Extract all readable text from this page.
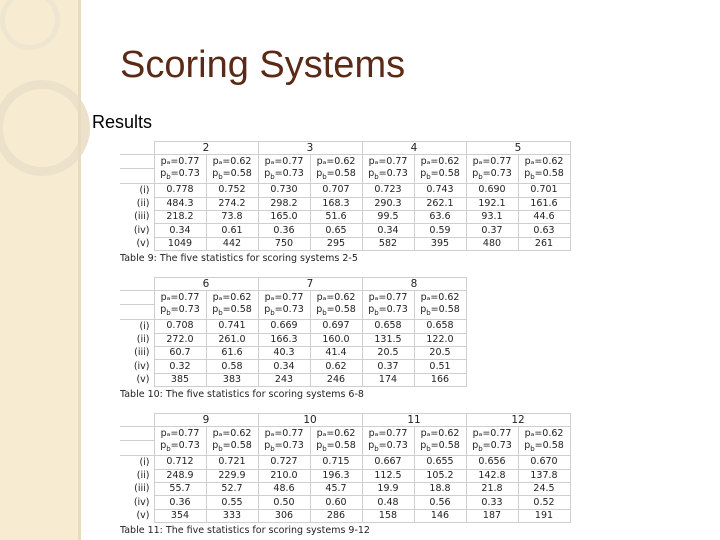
Scoring Systems
Results
	2		3		4		5	
	pₐ=0.77	pₐ=0.62	pₐ=0.77	pₐ=0.62	pₐ=0.77	pₐ=0.62	pₐ=0.77	pₐ=0.62
	$p_b=0.73$	$p_b=0.58$	$p_b=0.73$	$p_b=0.58$	$p_b=0.73$	$p_b=0.58$	$p_b=0.73$	$p_b=0.58$
(i)	0.778	0.752	0.730	0.707	0.723	0.743	0.690	0.701
(ii)	484.3	274.2	298.2	168.3	290.3	262.1	192.1	161.6
(iii)	218.2	73.8	165.0	51.6	99.5	63.6	93.1	44.6
(iv)	0.34	0.61	0.36	0.65	0.34	0.59	0.37	0.63
(v)	1049	442	750	295	582	395	480	261
Table 9: The five statistics for scoring systems 2-5
	6		7		8	
	pₐ=0.77	pₐ=0.62	pₐ=0.77	pₐ=0.62	pₐ=0.77	pₐ=0.62
	$p_b=0.73$	$p_b=0.58$	$p_b=0.73$	$p_b=0.58$	$p_b=0.73$	$p_b=0.58$
(i)	0.708	0.741	0.669	0.697	0.658	0.658
(ii)	272.0	261.0	166.3	160.0	131.5	122.0
(iii)	60.7	61.6	40.3	41.4	20.5	20.5
(iv)	0.32	0.58	0.34	0.62	0.37	0.51
(v)	385	383	243	246	174	166
Table 10: The five statistics for scoring systems 6-8
	9		10		11		12	
	pₐ=0.77	pₐ=0.62	pₐ=0.77	pₐ=0.62	pₐ=0.77	pₐ=0.62	pₐ=0.77	pₐ=0.62
	$p_b=0.73$	$p_b=0.58$	$p_b=0.73$	$p_b=0.58$	$p_b=0.73$	$p_b=0.58$	$p_b=0.73$	$p_b=0.58$
(i)	0.712	0.721	0.727	0.715	0.667	0.655	0.656	0.670
(ii)	248.9	229.9	210.0	196.3	112.5	105.2	142.8	137.8
(iii)	55.7	52.7	48.6	45.7	19.9	18.8	21.8	24.5
(iv)	0.36	0.55	0.50	0.60	0.48	0.56	0.33	0.52
(v)	354	333	306	286	158	146	187	191
Table 11: The five statistics for scoring systems 9-12
